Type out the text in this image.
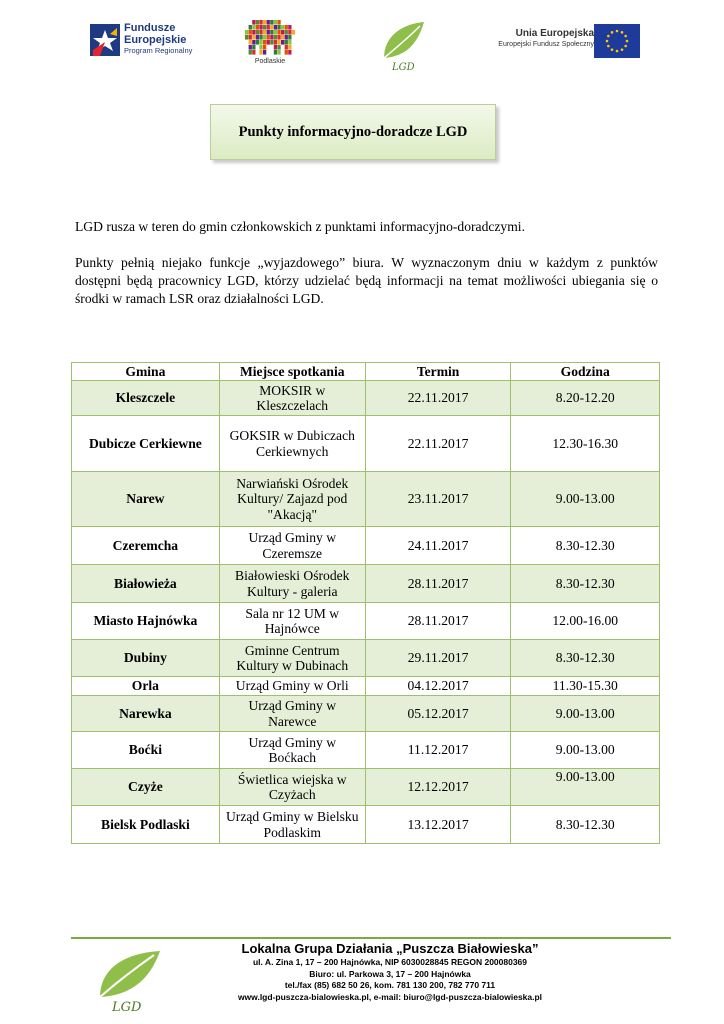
Fundusze
Europejskie
Program Regionalny
Podlaskie
LGD
Unia Europejska
Europejski Fundusz Społeczny
Punkty informacyjno-doradcze LGD

LGD rusza w teren do gmin członkowskich z punktami informacyjno-doradczymi.

Punkty pełnią niejako funkcje „wyjazdowego” biura. W wyznaczonym dniu w każdym z punktów dostępni będą pracownicy LGD, którzy udzielać będą informacji na temat możliwości ubiegania się o środki w ramach LSR oraz działalności LGD.

Gmina	Miejsce spotkania	Termin	Godzina
Kleszczele	MOKSIR w Kleszczelach	22.11.2017	8.20-12.20
Dubicze Cerkiewne	GOKSIR w Dubiczach Cerkiewnych	22.11.2017	12.30-16.30
Narew	Narwiański Ośrodek Kultury/ Zajazd pod "Akacją"	23.11.2017	9.00-13.00
Czeremcha	Urząd Gminy w Czeremsze	24.11.2017	8.30-12.30
Białowieża	Białowieski Ośrodek Kultury - galeria	28.11.2017	8.30-12.30
Miasto Hajnówka	Sala nr 12 UM w Hajnówce	28.11.2017	12.00-16.00
Dubiny	Gminne Centrum Kultury w Dubinach	29.11.2017	8.30-12.30
Orla	Urząd Gminy w Orli	04.12.2017	11.30-15.30
Narewka	Urząd Gminy w Narewce	05.12.2017	9.00-13.00
Boćki	Urząd Gminy w Boćkach	11.12.2017	9.00-13.00
Czyże	Świetlica wiejska w Czyżach	12.12.2017	9.00-13.00
Bielsk Podlaski	Urząd Gminy w Bielsku Podlaskim	13.12.2017	8.30-12.30
LGD
Lokalna Grupa Działania „Puszcza Białowieska”
ul. A. Zina 1, 17 – 200 Hajnówka, NIP 6030028845 REGON 200080369
Biuro: ul. Parkowa 3, 17 – 200 Hajnówka
tel./fax (85) 682 50 26, kom. 781 130 200, 782 770 711
www.lgd-puszcza-bialowieska.pl, e-mail: biuro@lgd-puszcza-bialowieska.pl
